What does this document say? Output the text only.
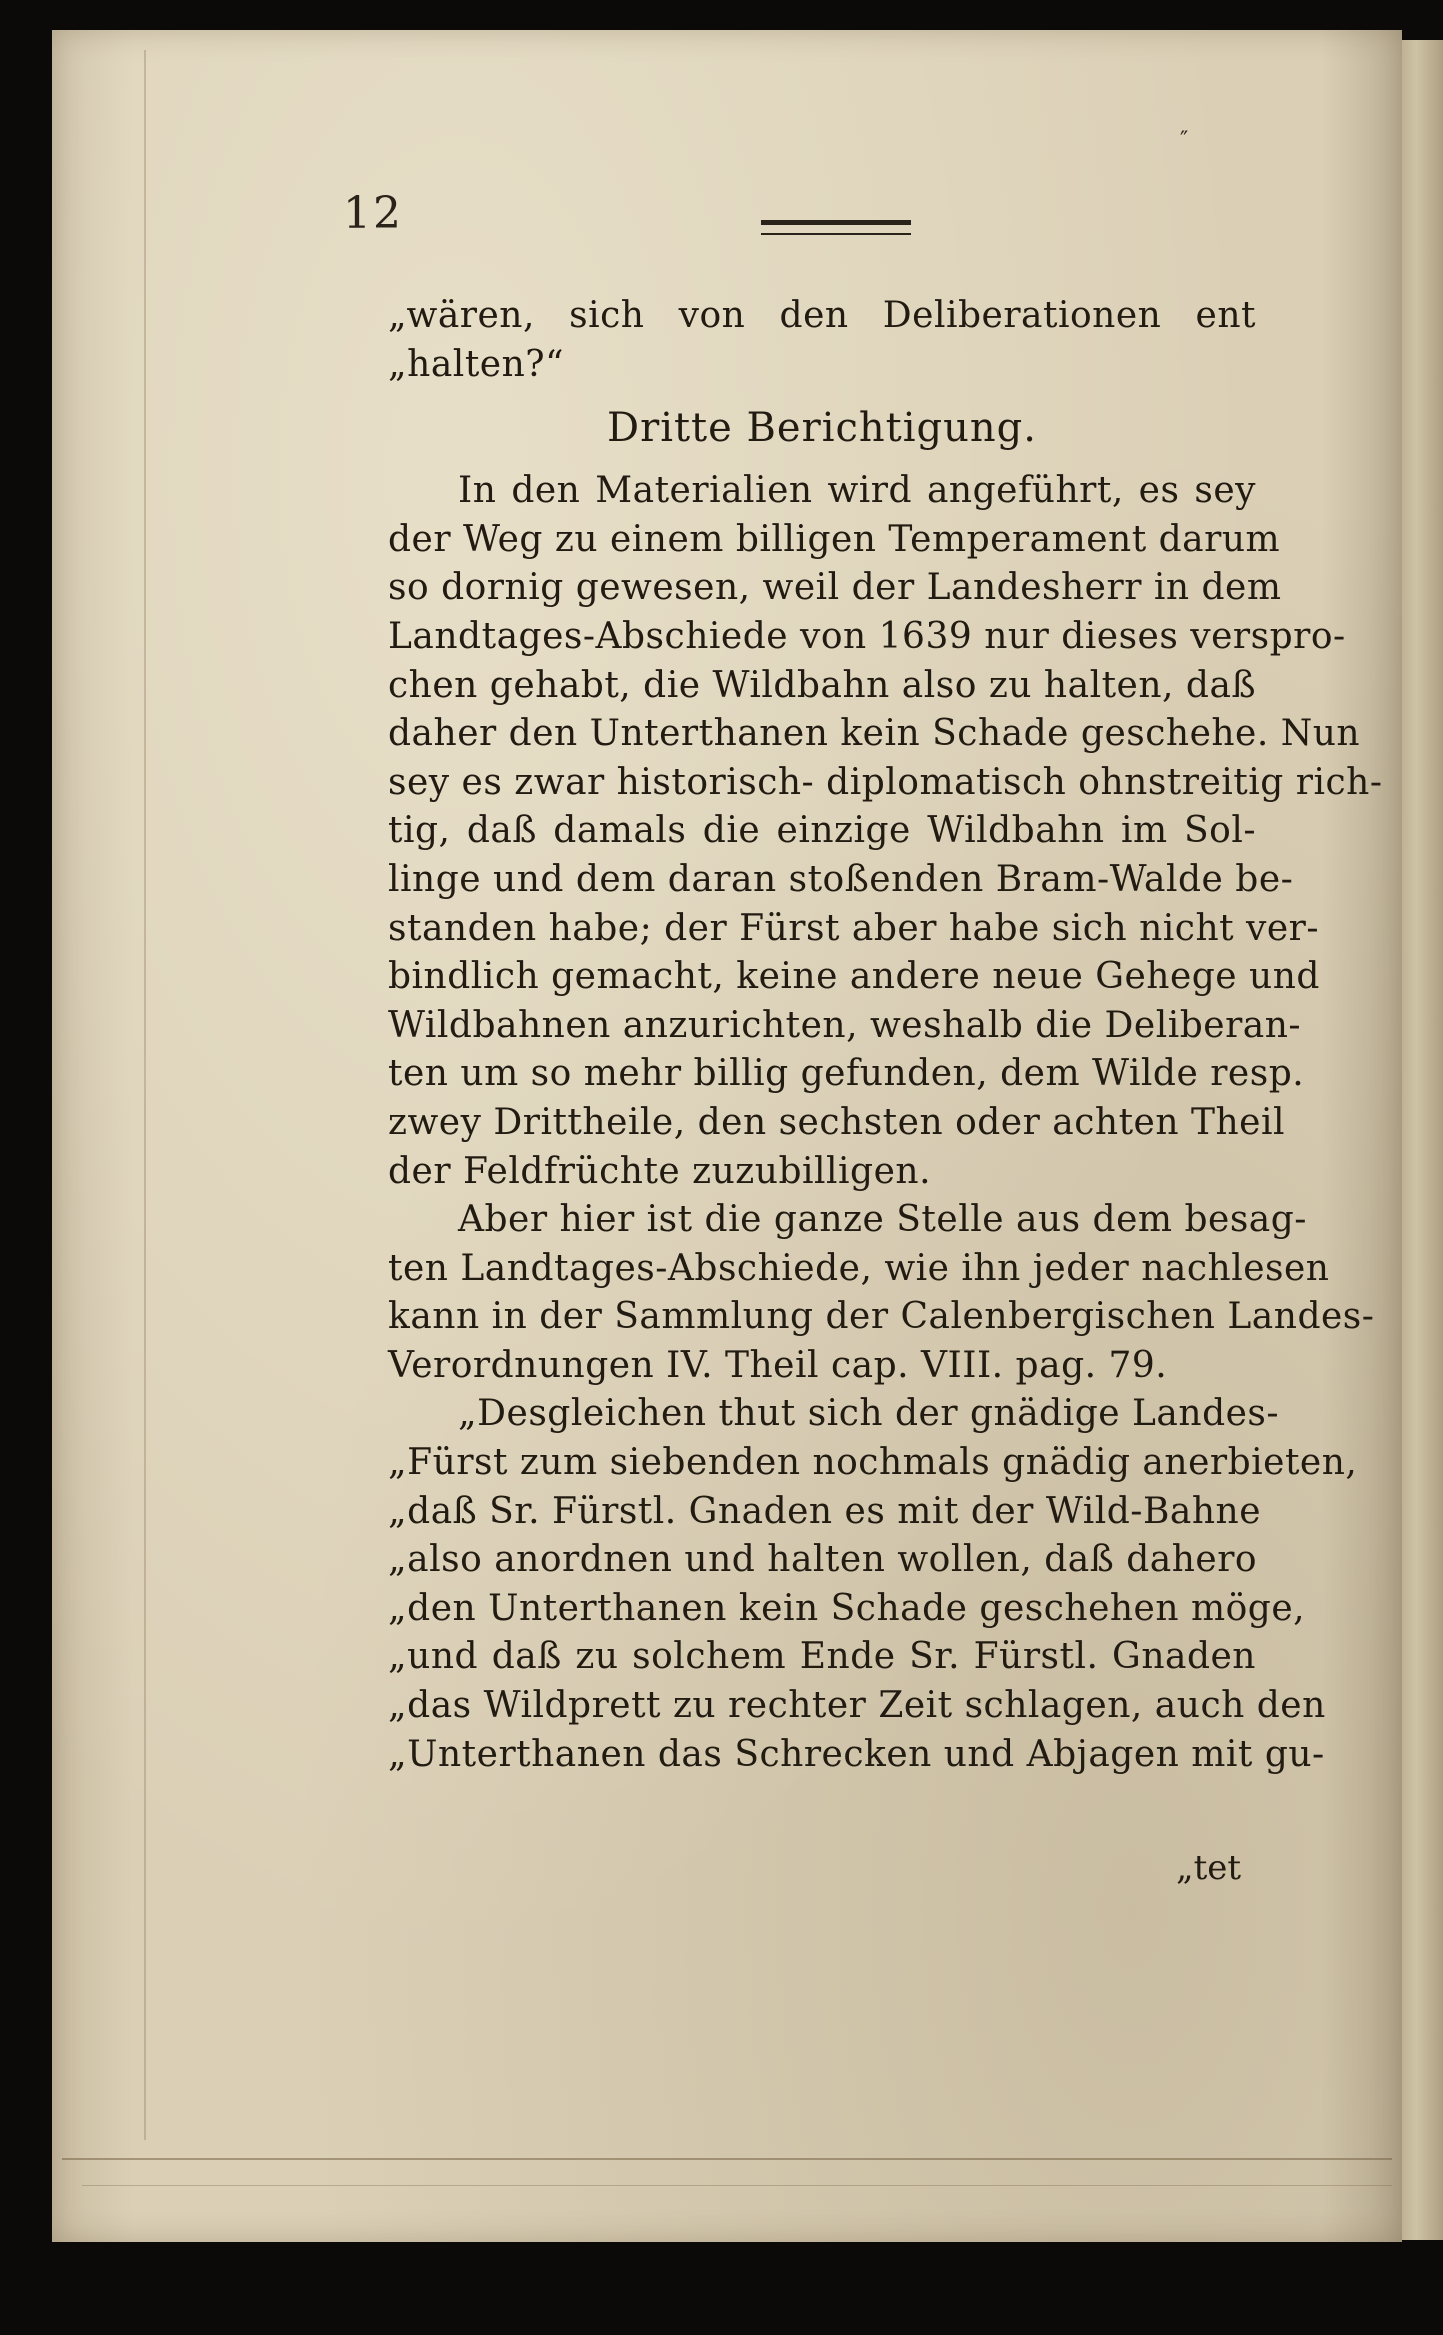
″
12
„wären, sich von den Deliberationen ent
„halten?“
Dritte Berichtigung.
In den Materialien wird angeführt, es sey
der Weg zu einem billigen Temperament darum
so dornig gewesen, weil der Landesherr in dem
Landtages‑Abschiede von 1639 nur dieses verspro‑
chen gehabt, die Wildbahn also zu halten, daß
daher den Unterthanen kein Schade geschehe. Nun
sey es zwar historisch‑ diplomatisch ohnstreitig rich‑
tig, daß damals die einzige Wildbahn im Sol‑
linge und dem daran stoßenden Bram‑Walde be‑
standen habe; der Fürst aber habe sich nicht ver‑
bindlich gemacht, keine andere neue Gehege und
Wildbahnen anzurichten, weshalb die Deliberan‑
ten um so mehr billig gefunden, dem Wilde resp.
zwey Drittheile, den sechsten oder achten Theil
der Feldfrüchte zuzubilligen.
Aber hier ist die ganze Stelle aus dem besag‑
ten Landtages‑Abschiede, wie ihn jeder nachlesen
kann in der Sammlung der Calenbergischen Landes‑
Verordnungen IV. Theil cap. VIII. pag. 79.
„Desgleichen thut sich der gnädige Landes‑
„Fürst zum siebenden nochmals gnädig anerbieten,
„daß Sr. Fürstl. Gnaden es mit der Wild‑Bahne
„also anordnen und halten wollen, daß dahero
„den Unterthanen kein Schade geschehen möge,
„und daß zu solchem Ende Sr. Fürstl. Gnaden
„das Wildprett zu rechter Zeit schlagen, auch den
„Unterthanen das Schrecken und Abjagen mit gu‑
„tet
